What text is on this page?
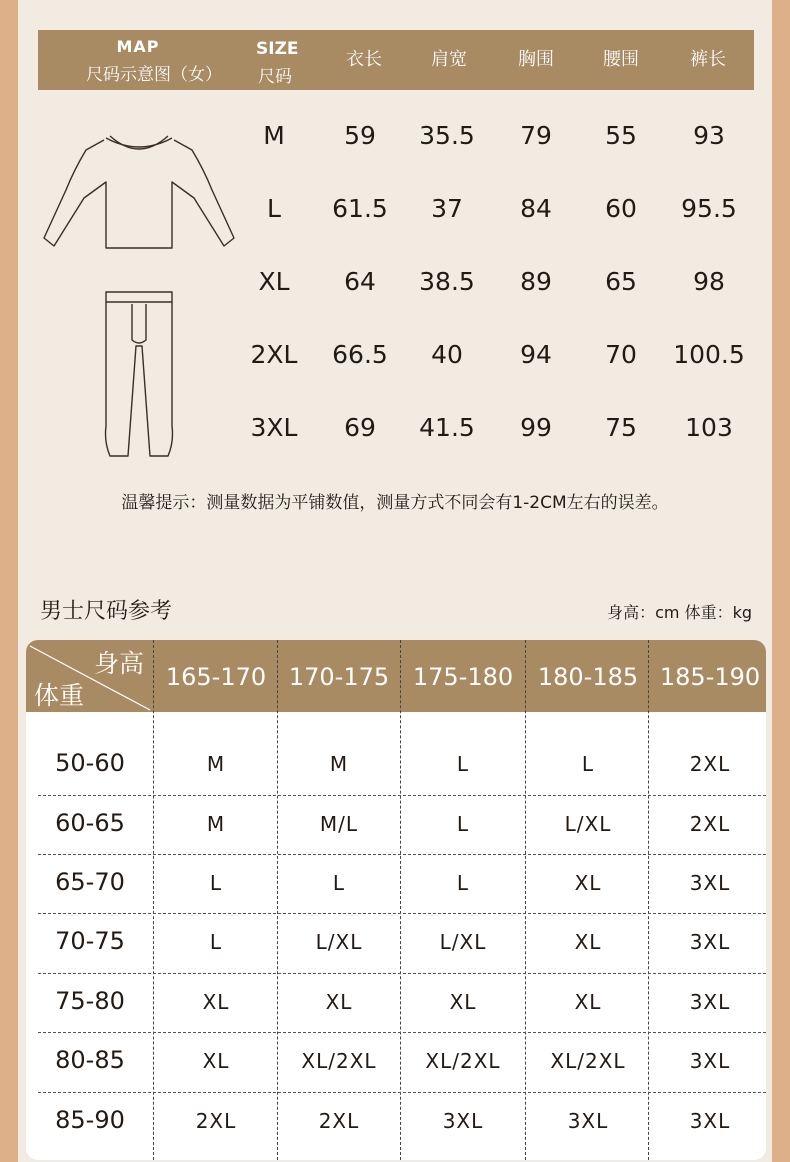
MAP
尺码示意图（女）
SIZE
尺码
衣长	肩宽	胸围	腰围	裤长
M	59	35.5	79	55	93
L	61.5	37	84	60	95.5
XL	64	38.5	89	65	98
2XL	66.5	40	94	70	100.5
3XL	69	41.5	99	75	103
温馨提示：测量数据为平铺数值，测量方式不同会有1-2CM左右的误差。
男士尺码参考	身高：cm 体重：kg
身高
体重
165-170 170-175 175-180	180-185 185-190
50-60	M	M	L	L	2XL
60-65	M	M/L	L	L/XL	2XL
65-70	L	L	L	XL	3XL
70-75	L	L/XL	L/XL	XL	3XL
75-80	XL	XL	XL	XL	3XL
80-85	XL	XL/2XL	XL/2XL	XL/2XL	3XL
85-90	2XL	2XL	3XL	3XL	3XL
